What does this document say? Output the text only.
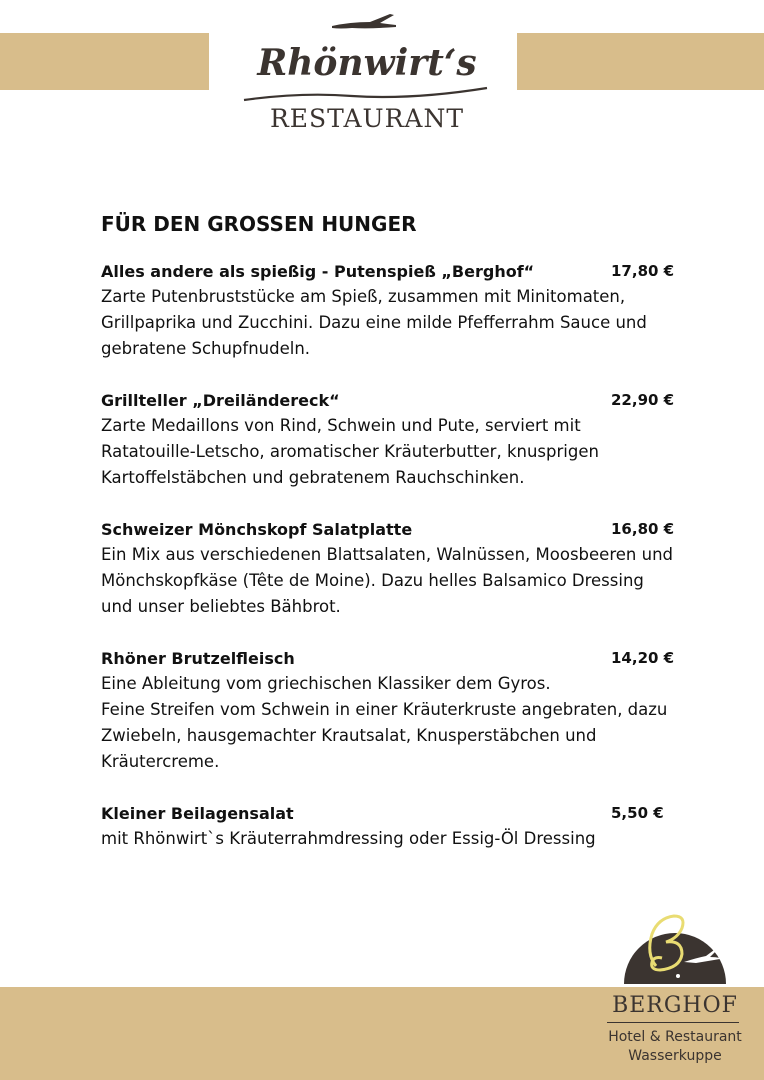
Rhönwirt‘s
RESTAURANT
FÜR DEN GROSSEN HUNGER
Alles andere als spießig - Putenspieß „Berghof“	17,80 €
Zarte Putenbruststücke am Spieß, zusammen mit Minitomaten,
Grillpaprika und Zucchini. Dazu eine milde Pfefferrahm Sauce und
gebratene Schupfnudeln.
Grillteller „Dreiländereck“	22,90 €
Zarte Medaillons von Rind, Schwein und Pute, serviert mit
Ratatouille-Letscho, aromatischer Kräuterbutter, knusprigen
Kartoffelstäbchen und gebratenem Rauchschinken.
Schweizer Mönchskopf Salatplatte	16,80 €
Ein Mix aus verschiedenen Blattsalaten, Walnüssen, Moosbeeren und
Mönchskopfkäse (Tête de Moine). Dazu helles Balsamico Dressing
und unser beliebtes Bähbrot.
Rhöner Brutzelfleisch	14,20 €
Eine Ableitung vom griechischen Klassiker dem Gyros.
Feine Streifen vom Schwein in einer Kräuterkruste angebraten, dazu
Zwiebeln, hausgemachter Krautsalat, Knusperstäbchen und
Kräutercreme.
Kleiner Beilagensalat	5,50 €
mit Rhönwirt`s Kräuterrahmdressing oder Essig-Öl Dressing
BERGHOF
Hotel & Restaurant
Wasserkuppe
